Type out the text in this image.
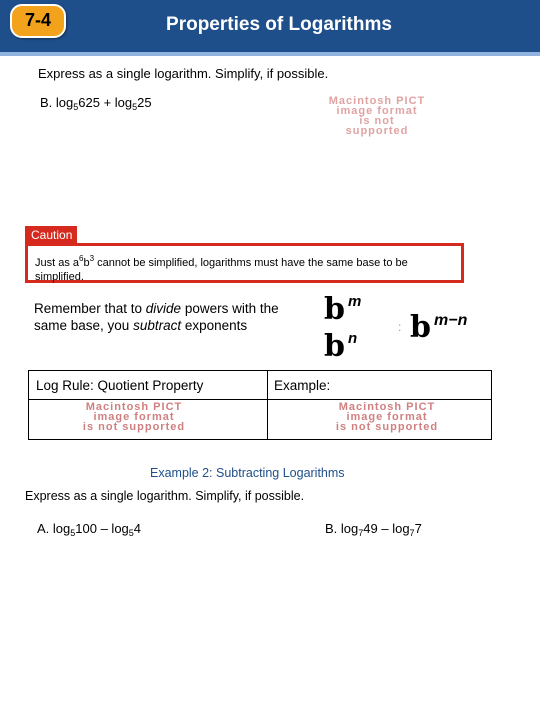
7-4	Properties of Logarithms
Express as a single logarithm. Simplify, if possible.
B. $\log_5625 + \log_525$	Macintosh PICT
image format
is not supported
Caution
Just as $a^6b^3$ cannot be simplified, logarithms must have the same base to be simplified.
Remember that to divide powers with the
same base, you subtract exponents	b m
b n
: b m−n
Log Rule: Quotient Property	Example:
Macintosh PICT
image format
is not supported
Macintosh PICT
image format
is not supported
Example 2: Subtracting Logarithms
Express as a single logarithm. Simplify, if possible.
A. $\log_5100 - \log_54$	B. $\log_749 - \log_77$
